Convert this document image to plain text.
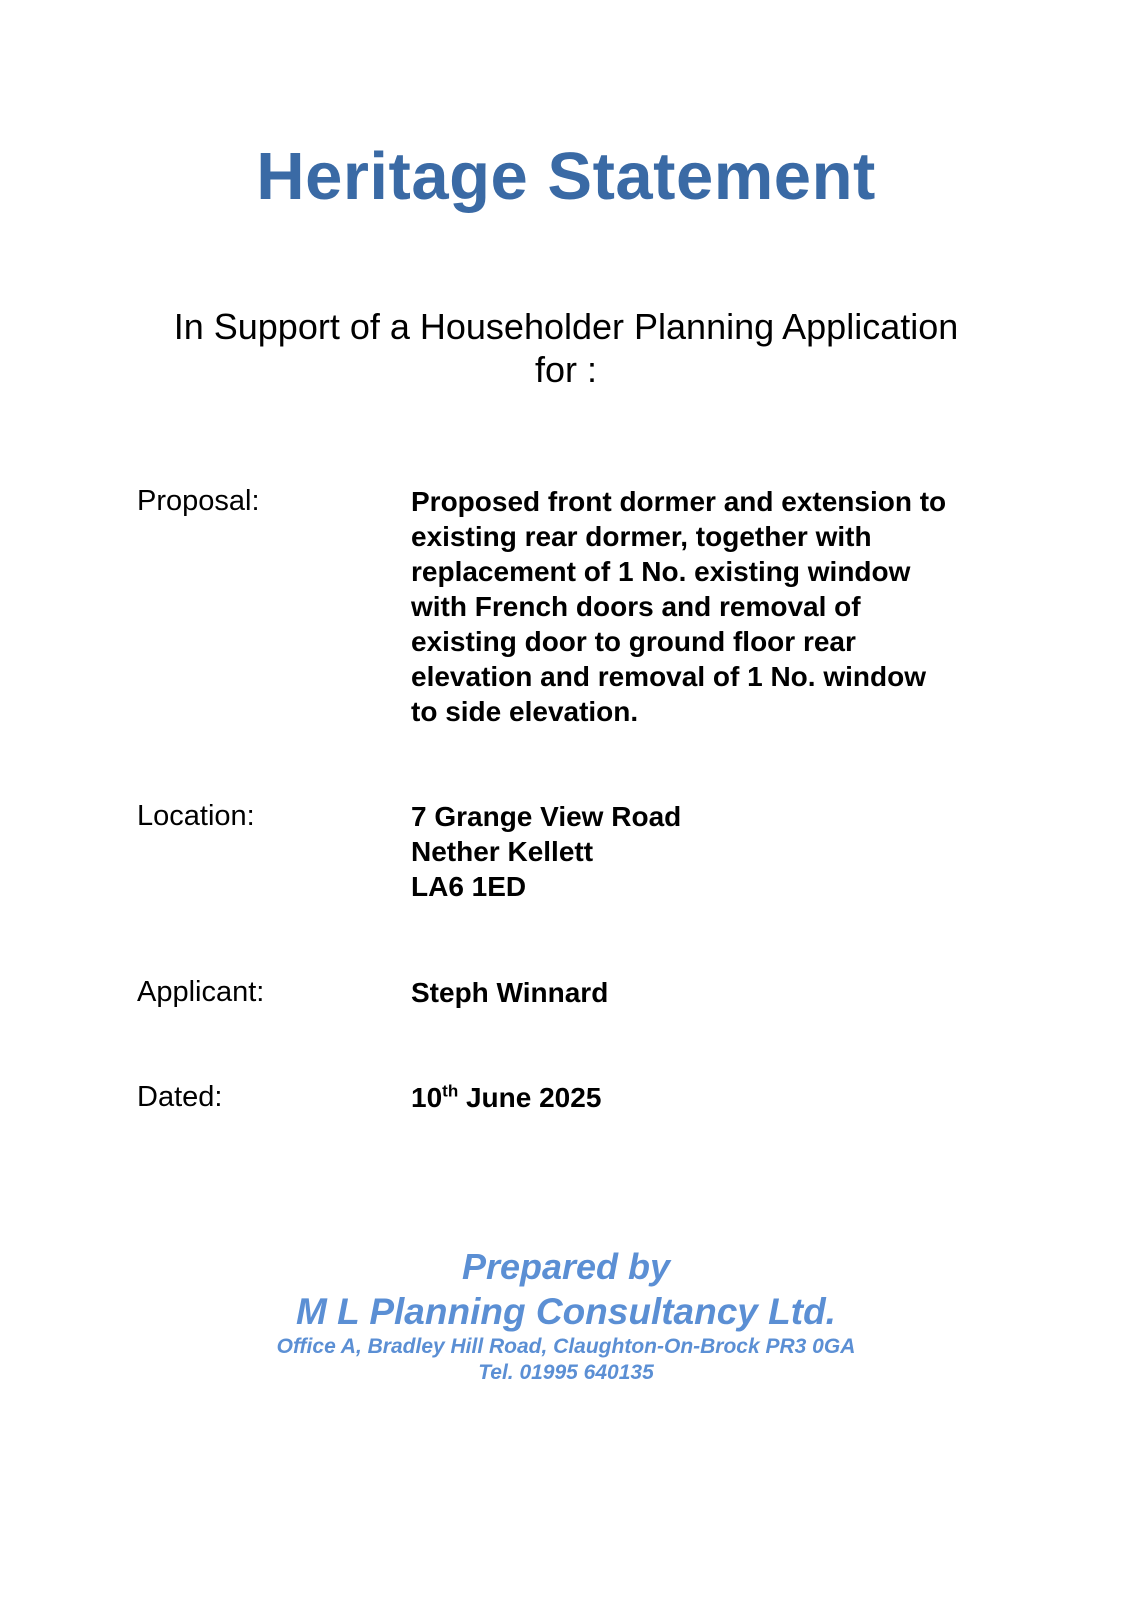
Heritage Statement
In Support of a Householder Planning Application
for :
Proposal:	Proposed front dormer and extension to
existing rear dormer, together with
replacement of 1 No. existing window
with French doors and removal of
existing door to ground floor rear
elevation and removal of 1 No. window
to side elevation.
Location:	7 Grange View Road
Nether Kellett
LA6 1ED
Applicant:	Steph Winnard
Dated:	10th June 2025
Prepared by
M L Planning Consultancy Ltd.
Office A, Bradley Hill Road, Claughton-On-Brock PR3 0GA
Tel. 01995 640135
